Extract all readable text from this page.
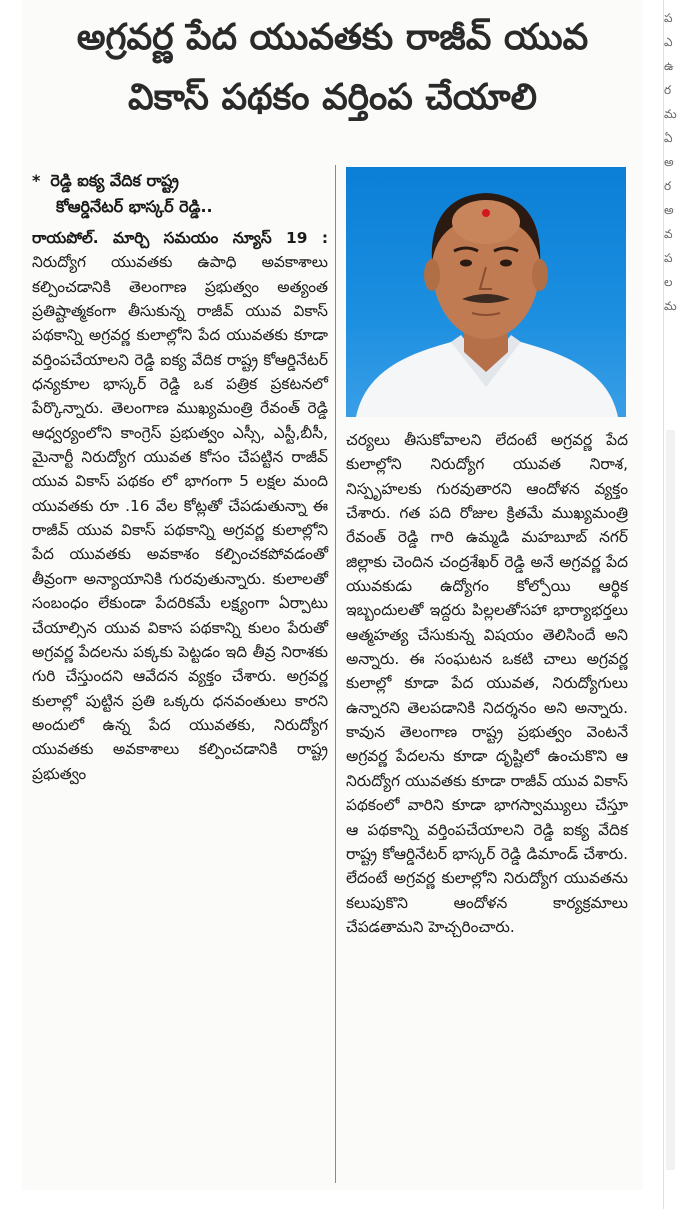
అగ్రవర్ణ పేద యువతకు రాజీవ్ యువ
వికాస్ పథకం వర్తింప చేయాలి
* రెడ్డి ఐక్య వేదిక రాష్ట్ర
కోఆర్డినేటర్ భాస్కర్ రెడ్డి..

రాయపోల్. మార్చి సమయం న్యూస్ 19 : నిరుద్యోగ యువతకు ఉపాధి అవకాశాలు కల్పించడానికి తెలంగాణ ప్రభుత్వం అత్యంత ప్రతిష్టాత్మకంగా తీసుకున్న రాజీవ్ యువ వికాస్ పథకాన్ని అగ్రవర్ణ కులాల్లోని పేద యువతకు కూడా వర్తింపచేయాలని రెడ్డి ఐక్య వేదిక రాష్ట్ర కోఆర్డినేటర్ ధన్యకూల భాస్కర్ రెడ్డి ఒక పత్రిక ప్రకటనలో పేర్కొన్నారు. తెలంగాణ ముఖ్యమంత్రి రేవంత్ రెడ్డి ఆధ్వర్యంలోని కాంగ్రెస్ ప్రభుత్వం ఎస్సీ, ఎస్టీ,బీసీ, మైనార్టీ నిరుద్యోగ యువత కోసం చేపట్టిన రాజీవ్ యువ వికాస్ పథకం లో భాగంగా 5 లక్షల మంది యువతకు రూ .16 వేల కోట్లతో చేపడుతున్నా ఈ రాజీవ్ యువ వికాస్ పథకాన్ని అగ్రవర్ణ కులాల్లోని పేద యువతకు అవకాశం కల్పించకపోవడంతో తీవ్రంగా అన్యాయానికి గురవుతున్నారు. కులాలతో సంబంధం లేకుండా పేదరికమే లక్ష్యంగా ఏర్పాటు చేయాల్సిన యువ వికాస పథకాన్ని కులం పేరుతో అగ్రవర్ణ పేదలను పక్కకు పెట్టడం ఇది తీవ్ర నిరాశకు గురి చేస్తుందని ఆవేదన వ్యక్తం చేశారు. అగ్రవర్ణ కులాల్లో పుట్టిన ప్రతి ఒక్కరు ధనవంతులు కారని అందులో ఉన్న పేద యువతకు, నిరుద్యోగ యువతకు అవకాశాలు కల్పించడానికి రాష్ట్ర ప్రభుత్వం

చర్యలు తీసుకోవాలని లేదంటే అగ్రవర్ణ పేద కులాల్లోని నిరుద్యోగ యువత నిరాశ, నిస్పృహలకు గురవుతారని ఆందోళన వ్యక్తం చేశారు. గత పది రోజుల క్రితమే ముఖ్యమంత్రి రేవంత్ రెడ్డి గారి ఉమ్మడి మహబూబ్ నగర్ జిల్లాకు చెందిన చంద్రశేఖర్ రెడ్డి అనే అగ్రవర్ణ పేద యువకుడు ఉద్యోగం కోల్పోయి ఆర్థిక ఇబ్బందులతో ఇద్దరు పిల్లలతోసహా భార్యాభర్తలు ఆత్మహత్య చేసుకున్న విషయం తెలిసిందే అని అన్నారు. ఈ సంఘటన ఒకటి చాలు అగ్రవర్ణ కులాల్లో కూడా పేద యువత, నిరుద్యోగులు ఉన్నారని తెలపడానికి నిదర్శనం అని అన్నారు. కావున తెలంగాణ రాష్ట్ర ప్రభుత్వం వెంటనే అగ్రవర్ణ పేదలను కూడా దృష్టిలో ఉంచుకొని ఆ నిరుద్యోగ యువతకు కూడా రాజీవ్ యువ వికాస్ పథకంలో వారిని కూడా భాగస్వామ్యులు చేస్తూ ఆ పథకాన్ని వర్తింపచేయాలని రెడ్డి ఐక్య వేదిక రాష్ట్ర కోఆర్డినేటర్ భాస్కర్ రెడ్డి డిమాండ్ చేశారు. లేదంటే అగ్రవర్ణ కులాల్లోని నిరుద్యోగ యువతను కలుపుకొని ఆందోళన కార్యక్రమాలు చేపడతామని హెచ్చరించారు.

ప ఎ ఉ ర మ ఏ అ ర అ వ ప ల మ
